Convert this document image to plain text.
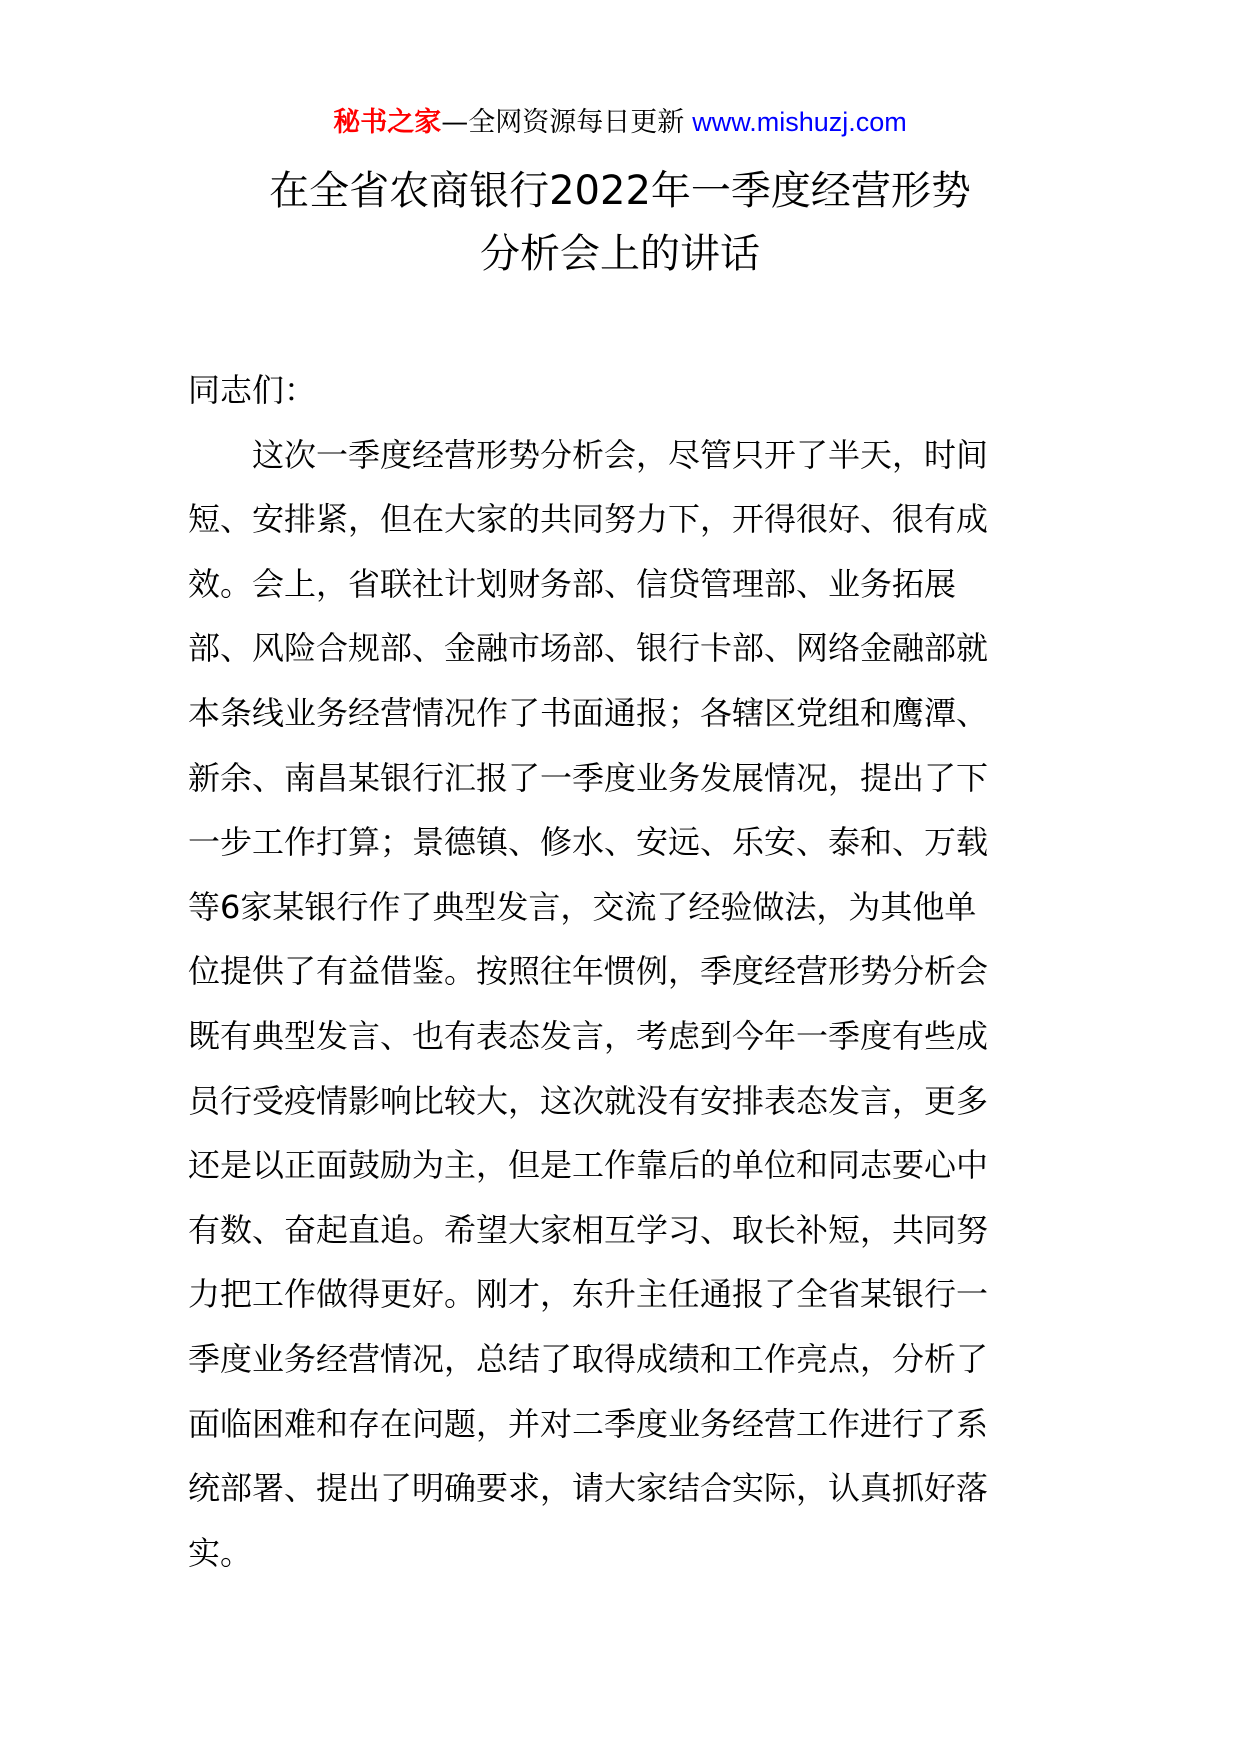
秘书之家—全网资源每日更新 www.mishuzj.com
在全省农商银行2022年一季度经营形势
分析会上的讲话
同志们：
这次一季度经营形势分析会，尽管只开了半天，时间
短、安排紧，但在大家的共同努力下，开得很好、很有成
效。会上，省联社计划财务部、信贷管理部、业务拓展
部、风险合规部、金融市场部、银行卡部、网络金融部就
本条线业务经营情况作了书面通报；各辖区党组和鹰潭、
新余、南昌某银行汇报了一季度业务发展情况，提出了下
一步工作打算；景德镇、修水、安远、乐安、泰和、万载
等6家某银行作了典型发言，交流了经验做法，为其他单
位提供了有益借鉴。按照往年惯例，季度经营形势分析会
既有典型发言、也有表态发言，考虑到今年一季度有些成
员行受疫情影响比较大，这次就没有安排表态发言，更多
还是以正面鼓励为主，但是工作靠后的单位和同志要心中
有数、奋起直追。希望大家相互学习、取长补短，共同努
力把工作做得更好。刚才，东升主任通报了全省某银行一
季度业务经营情况，总结了取得成绩和工作亮点，分析了
面临困难和存在问题，并对二季度业务经营工作进行了系
统部署、提出了明确要求，请大家结合实际，认真抓好落
实。
